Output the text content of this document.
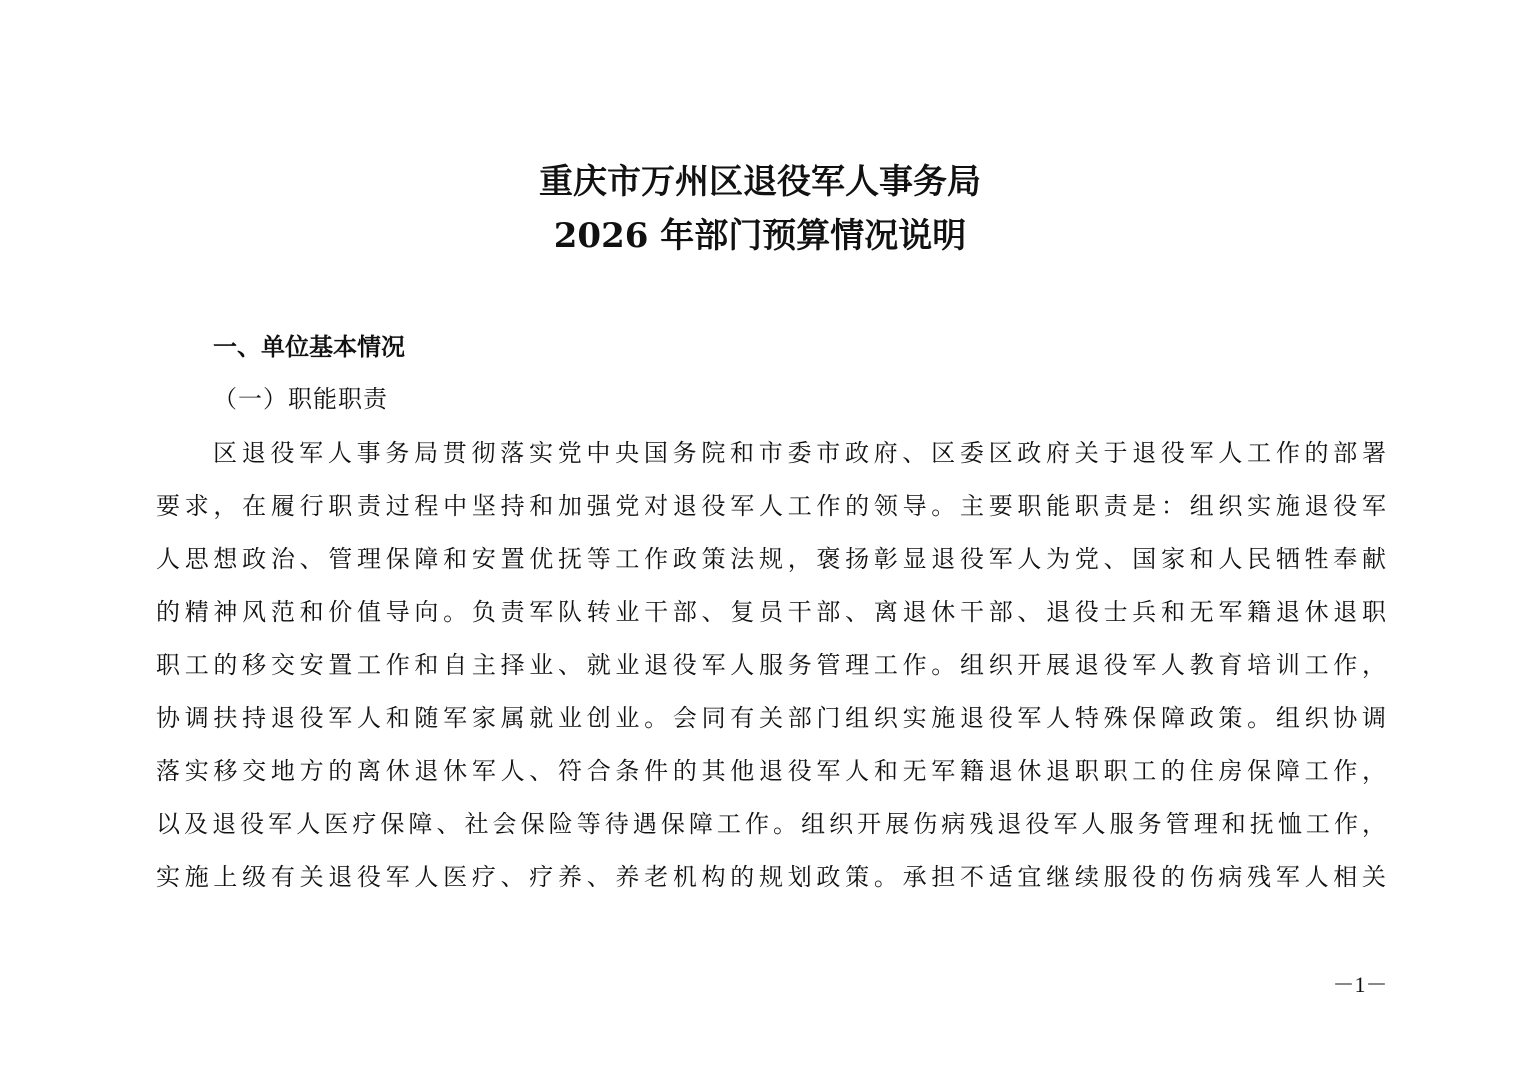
重庆市万州区退役军人事务局
2026 年部门预算情况说明
一、单位基本情况
（一）职能职责
区退役军人事务局贯彻落实党中央国务院和市委市政府、区委区政府关于退役军人工作的部署
要求，在履行职责过程中坚持和加强党对退役军人工作的领导。主要职能职责是：组织实施退役军
人思想政治、管理保障和安置优抚等工作政策法规，褒扬彰显退役军人为党、国家和人民牺牲奉献
的精神风范和价值导向。负责军队转业干部、复员干部、离退休干部、退役士兵和无军籍退休退职
职工的移交安置工作和自主择业、就业退役军人服务管理工作。组织开展退役军人教育培训工作，
协调扶持退役军人和随军家属就业创业。会同有关部门组织实施退役军人特殊保障政策。组织协调
落实移交地方的离休退休军人、符合条件的其他退役军人和无军籍退休退职职工的住房保障工作，
以及退役军人医疗保障、社会保险等待遇保障工作。组织开展伤病残退役军人服务管理和抚恤工作，
实施上级有关退役军人医疗、疗养、养老机构的规划政策。承担不适宜继续服役的伤病残军人相关
－1－
